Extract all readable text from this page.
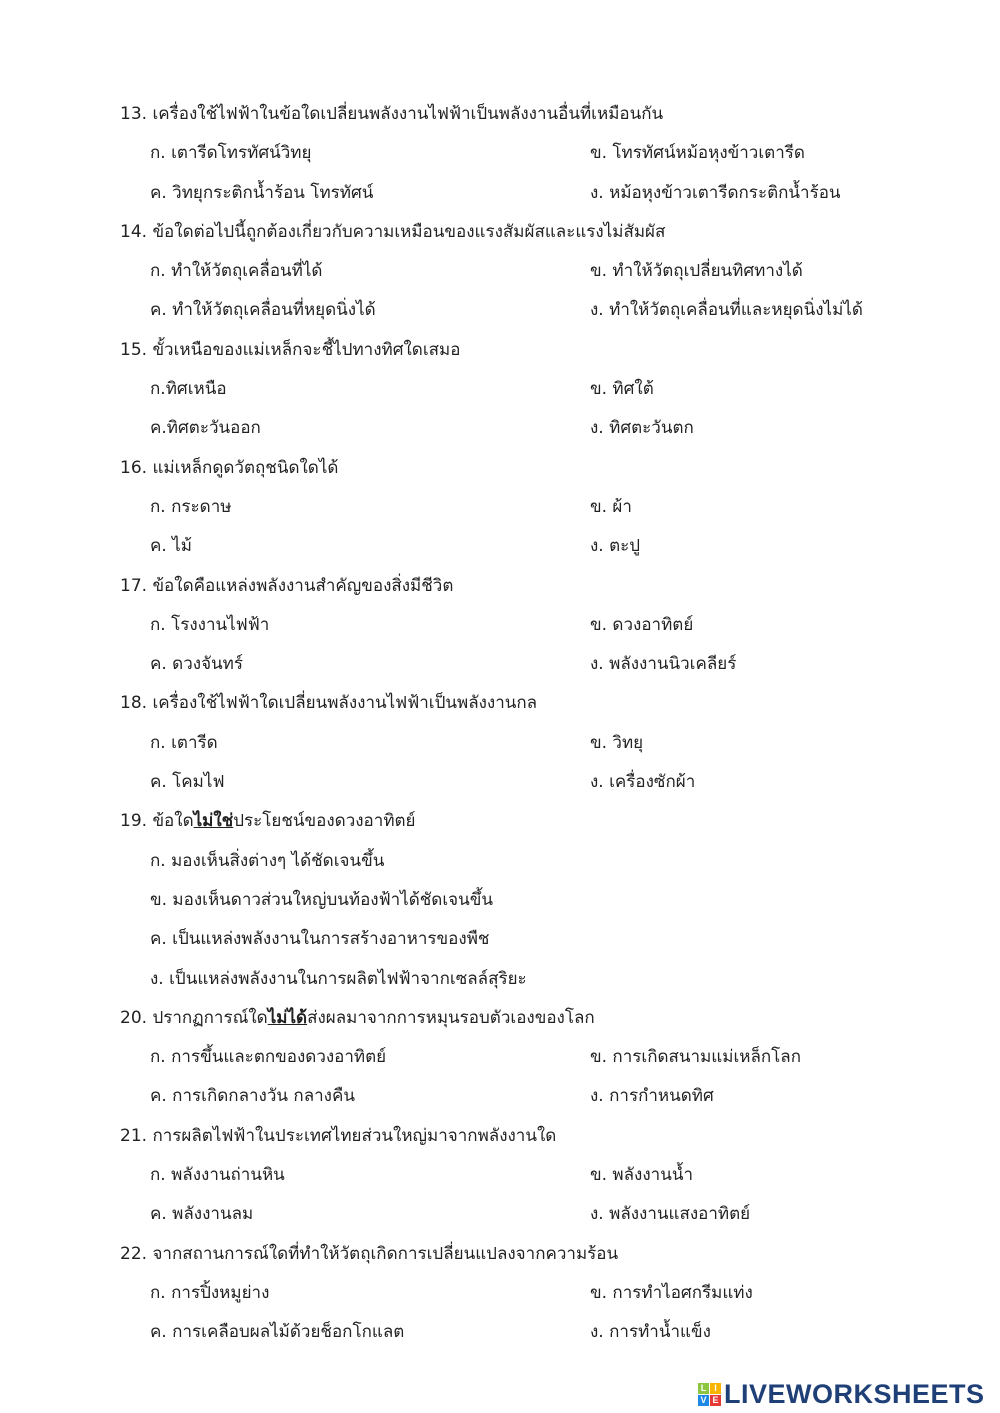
13. เครื่องใช้ไฟฟ้าในข้อใดเปลี่ยนพลังงานไฟฟ้าเป็นพลังงานอื่นที่เหมือนกัน
ก. เตารีดโทรทัศน์วิทยุ	ข. โทรทัศน์หม้อหุงข้าวเตารีด
ค. วิทยุกระติกน้ำร้อน โทรทัศน์	ง. หม้อหุงข้าวเตารีดกระติกน้ำร้อน
14. ข้อใดต่อไปนี้ถูกต้องเกี่ยวกับความเหมือนของแรงสัมผัสและแรงไม่สัมผัส
ก. ทำให้วัตถุเคลื่อนที่ได้	ข. ทำให้วัตถุเปลี่ยนทิศทางได้
ค. ทำให้วัตถุเคลื่อนที่หยุดนิ่งได้	ง. ทำให้วัตถุเคลื่อนที่และหยุดนิ่งไม่ได้
15. ขั้วเหนือของแม่เหล็กจะชี้ไปทางทิศใดเสมอ
ก.ทิศเหนือ	ข. ทิศใต้
ค.ทิศตะวันออก	ง. ทิศตะวันตก
16. แม่เหล็กดูดวัตถุชนิดใดได้
ก. กระดาษ	ข. ผ้า
ค. ไม้	ง. ตะปู
17. ข้อใดคือแหล่งพลังงานสำคัญของสิ่งมีชีวิต
ก. โรงงานไฟฟ้า	ข. ดวงอาทิตย์
ค. ดวงจันทร์	ง. พลังงานนิวเคลียร์
18. เครื่องใช้ไฟฟ้าใดเปลี่ยนพลังงานไฟฟ้าเป็นพลังงานกล
ก. เตารีด	ข. วิทยุ
ค. โคมไฟ	ง. เครื่องซักผ้า
19. ข้อใดไม่ใช่ประโยชน์ของดวงอาทิตย์
ก. มองเห็นสิ่งต่างๆ ได้ชัดเจนขึ้น
ข. มองเห็นดาวส่วนใหญ่บนท้องฟ้าได้ชัดเจนขึ้น
ค. เป็นแหล่งพลังงานในการสร้างอาหารของพืช
ง. เป็นแหล่งพลังงานในการผลิตไฟฟ้าจากเซลล์สุริยะ
20. ปรากฏการณ์ใดไม่ได้ส่งผลมาจากการหมุนรอบตัวเองของโลก
ก. การขึ้นและตกของดวงอาทิตย์	ข. การเกิดสนามแม่เหล็กโลก
ค. การเกิดกลางวัน กลางคืน	ง. การกำหนดทิศ
21. การผลิตไฟฟ้าในประเทศไทยส่วนใหญ่มาจากพลังงานใด
ก. พลังงานถ่านหิน	ข. พลังงานน้ำ
ค. พลังงานลม	ง. พลังงานแสงอาทิตย์
22. จากสถานการณ์ใดที่ทำให้วัตถุเกิดการเปลี่ยนแปลงจากความร้อน
ก. การปิ้งหมูย่าง	ข. การทำไอศกรีมแท่ง
ค. การเคลือบผลไม้ด้วยช็อกโกแลต	ง. การทำน้ำแข็ง
L I
V E LIVEWORKSHEETS
